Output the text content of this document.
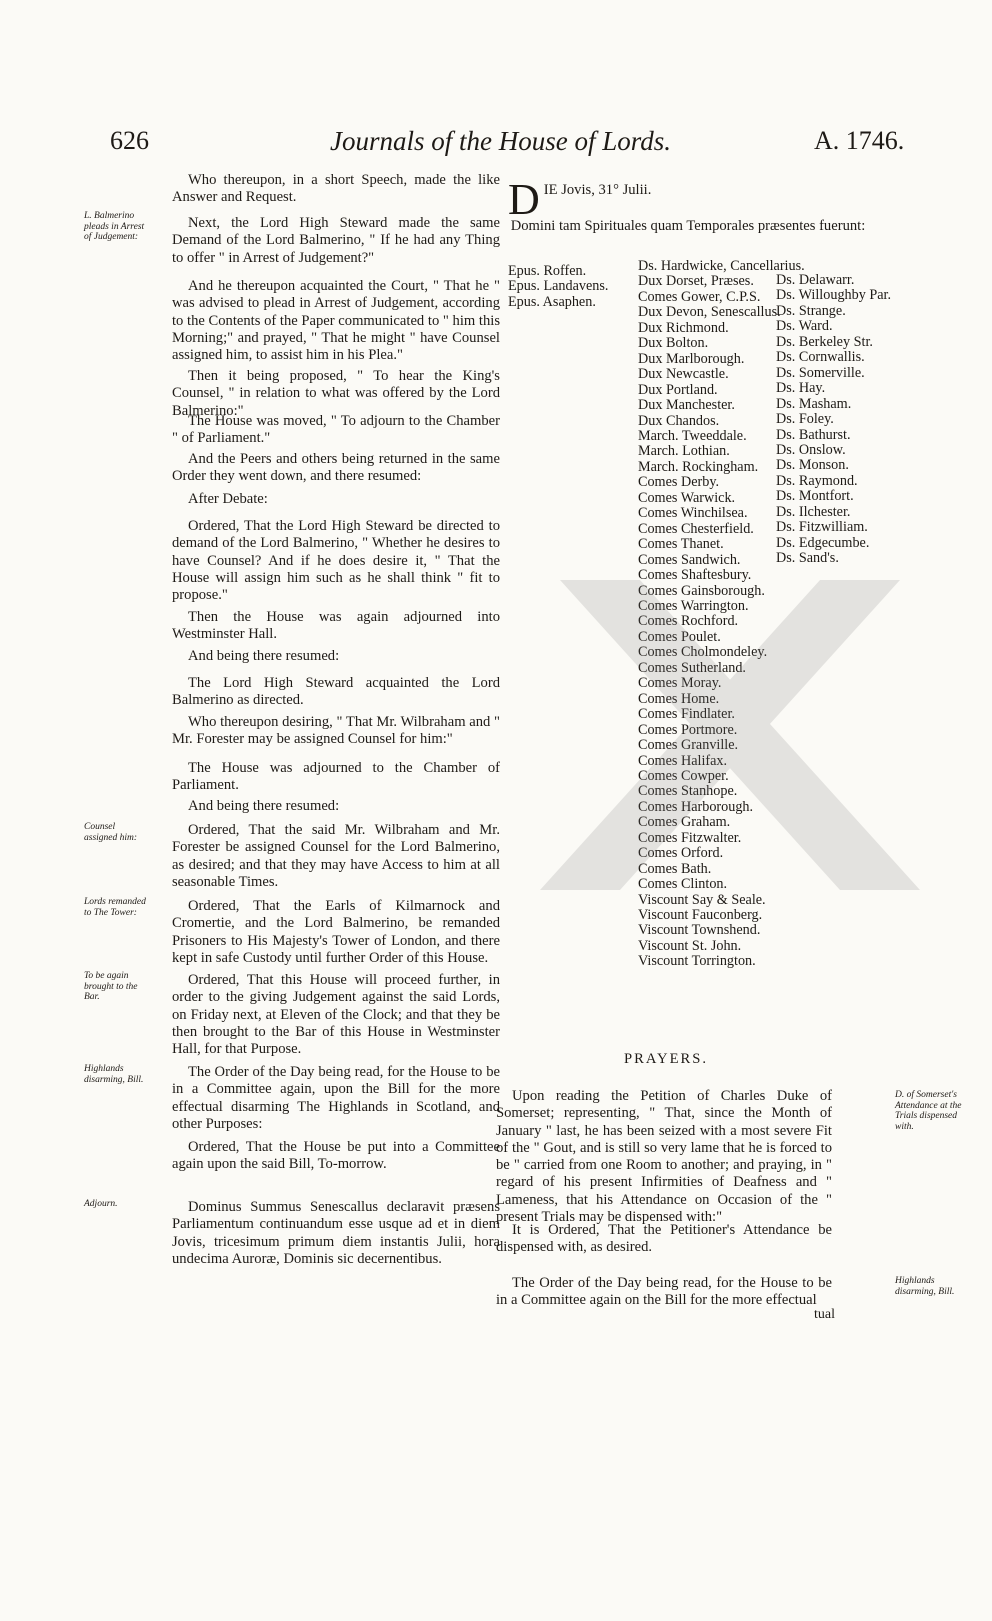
626	Journals of the House of Lords.	A. 1746.

Who thereupon, in a short Speech, made the like Answer and Request.

Next, the Lord High Steward made the same Demand of the Lord Balmerino, " If he had any Thing to offer " in Arrest of Judgement?"

And he thereupon acquainted the Court, " That he " was advised to plead in Arrest of Judgement, according to the Contents of the Paper communicated to " him this Morning;" and prayed, " That he might " have Counsel assigned him, to assist him in his Plea."

Then it being proposed, " To hear the King's Counsel, " in relation to what was offered by the Lord Balmerino:"

The House was moved, " To adjourn to the Chamber " of Parliament."

And the Peers and others being returned in the same Order they went down, and there resumed:

After Debate:

Ordered, That the Lord High Steward be directed to demand of the Lord Balmerino, " Whether he desires to have Counsel? And if he does desire it, " That the House will assign him such as he shall think " fit to propose."

Then the House was again adjourned into Westminster Hall.

And being there resumed:

The Lord High Steward acquainted the Lord Balmerino as directed.

Who thereupon desiring, " That Mr. Wilbraham and " Mr. Forester may be assigned Counsel for him:"

The House was adjourned to the Chamber of Parliament.

And being there resumed:

Ordered, That the said Mr. Wilbraham and Mr. Forester be assigned Counsel for the Lord Balmerino, as desired; and that they may have Access to him at all seasonable Times.

Ordered, That the Earls of Kilmarnock and Cromertie, and the Lord Balmerino, be remanded Prisoners to His Majesty's Tower of London, and there kept in safe Custody until further Order of this House.

Ordered, That this House will proceed further, in order to the giving Judgement against the said Lords, on Friday next, at Eleven of the Clock; and that they be then brought to the Bar of this House in Westminster Hall, for that Purpose.

The Order of the Day being read, for the House to be in a Committee again, upon the Bill for the more effectual disarming The Highlands in Scotland, and other Purposes:

Ordered, That the House be put into a Committee again upon the said Bill, To-morrow.

Dominus Summus Senescallus declaravit præsens Parliamentum continuandum esse usque ad et in diem Jovis, tricesimum primum diem instantis Julii, hora undecima Auroræ, Dominis sic decernentibus.

L. Balmerino pleads in Arrest of Judgement:
Counsel assigned him:
Lords remanded to The Tower:
To be again brought to the Bar.
Highlands disarming, Bill.
Adjourn.
D IE Jovis, 31° Julii.
Domini tam Spirituales quam Temporales præsentes fuerunt:
Epus. Roffen.
Epus. Landavens.
Epus. Asaphen.
Ds. Hardwicke, Cancellarius.
Dux Dorset, Præses.
Comes Gower, C.P.S.
Dux Devon, Senescallus.
Dux Richmond.
Dux Bolton.
Dux Marlborough.
Dux Newcastle.
Dux Portland.
Dux Manchester.
Dux Chandos.
March. Tweeddale.
March. Lothian.
March. Rockingham.
Comes Derby.
Comes Warwick.
Comes Winchilsea.
Comes Chesterfield.
Comes Thanet.
Comes Sandwich.
Comes Shaftesbury.
Comes Gainsborough.
Comes Warrington.
Comes Rochford.
Comes Poulet.
Comes Cholmondeley.
Comes Sutherland.
Comes Moray.
Comes Home.
Comes Findlater.
Comes Portmore.
Comes Granville.
Comes Halifax.
Comes Cowper.
Comes Stanhope.
Comes Harborough.
Comes Graham.
Comes Fitzwalter.
Comes Orford.
Comes Bath.
Comes Clinton.
Viscount Say & Seale.
Viscount Fauconberg.
Viscount Townshend.
Viscount St. John.
Viscount Torrington.
Ds. Delawarr.
Ds. Willoughby Par.
Ds. Strange.
Ds. Ward.
Ds. Berkeley Str.
Ds. Cornwallis.
Ds. Somerville.
Ds. Hay.
Ds. Masham.
Ds. Foley.
Ds. Bathurst.
Ds. Onslow.
Ds. Monson.
Ds. Raymond.
Ds. Montfort.
Ds. Ilchester.
Ds. Fitzwilliam.
Ds. Edgecumbe.
Ds. Sand's.
PRAYERS.

Upon reading the Petition of Charles Duke of Somerset; representing, " That, since the Month of January " last, he has been seized with a most severe Fit of the " Gout, and is still so very lame that he is forced to be " carried from one Room to another; and praying, in " regard of his present Infirmities of Deafness and " Lameness, that his Attendance on Occasion of the " present Trials may be dispensed with:"

It is Ordered, That the Petitioner's Attendance be dispensed with, as desired.

The Order of the Day being read, for the House to be in a Committee again on the Bill for the more effectual

D. of Somerset's Attendance at the Trials dispensed with.
Highlands disarming, Bill.
tual
